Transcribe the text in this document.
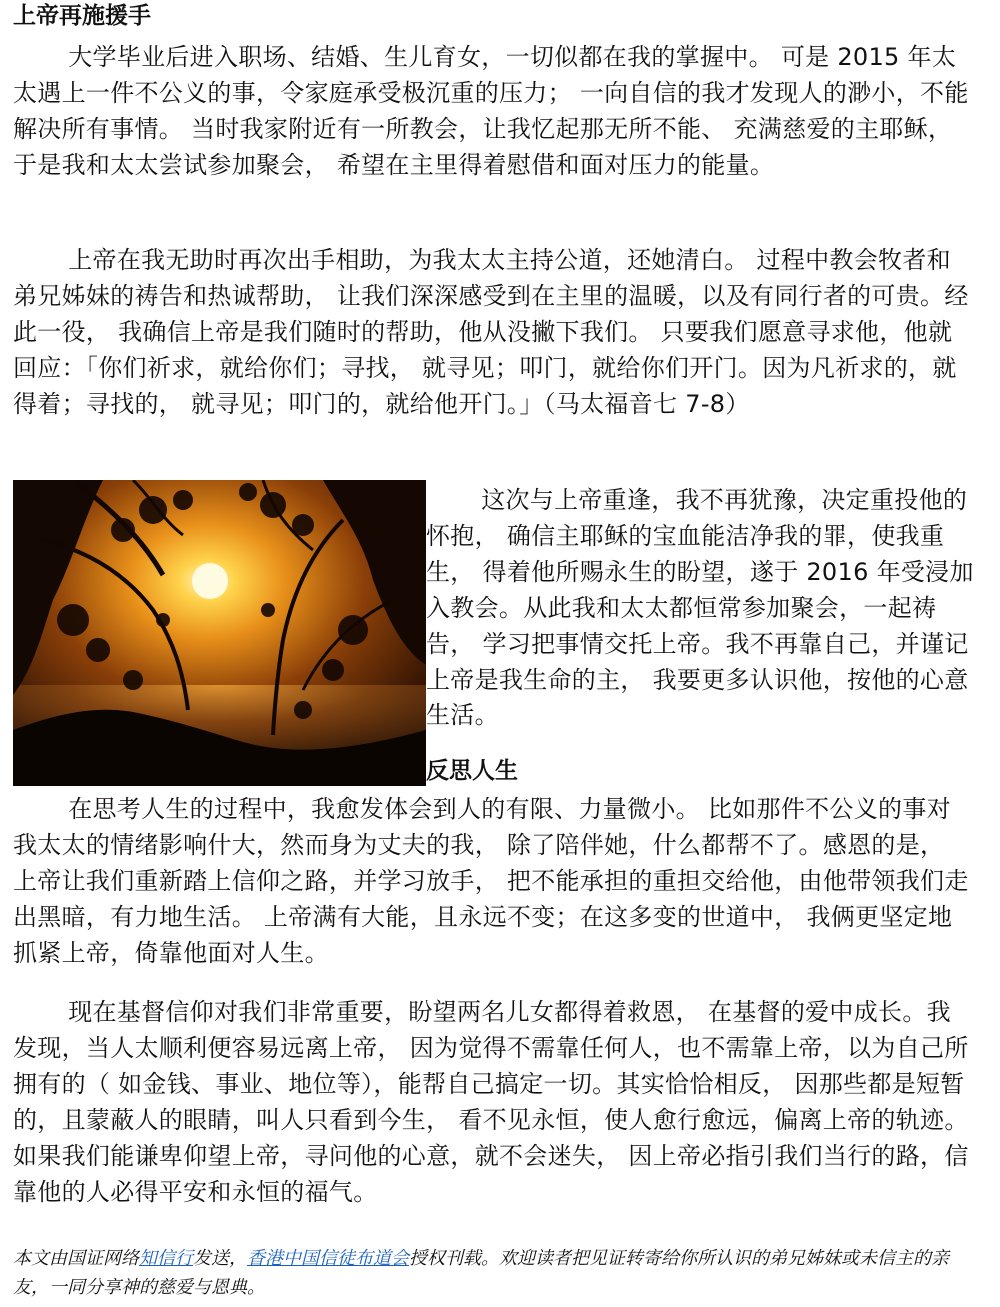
上帝再施援手

大学毕业后进入职场、结婚、生儿育女，一切似都在我的掌握中。 可是 2015 年太太遇上一件不公义的事，令家庭承受极沉重的压力； 一向自信的我才发现人的渺小，不能解决所有事情。 当时我家附近有一所教会，让我忆起那无所不能、 充满慈爱的主耶稣，于是我和太太尝试参加聚会， 希望在主里得着慰借和面对压力的能量。

上帝在我无助时再次出手相助，为我太太主持公道，还她清白。 过程中教会牧者和弟兄姊妹的祷告和热诚帮助， 让我们深深感受到在主里的温暖，以及有同行者的可贵。经此一役， 我确信上帝是我们随时的帮助，他从没撇下我们。 只要我们愿意寻求他，他就回应：「你们祈求，就给你们；寻找， 就寻见；叩门，就给你们开门。因为凡祈求的，就得着；寻找的， 就寻见；叩门的，就给他开门。」（马太福音七 7-8）

这次与上帝重逢，我不再犹豫，决定重投他的怀抱， 确信主耶稣的宝血能洁净我的罪，使我重生， 得着他所赐永生的盼望，遂于 2016 年受浸加入教会。从此我和太太都恒常参加聚会，一起祷告， 学习把事情交托上帝。我不再靠自己，并谨记上帝是我生命的主， 我要更多认识他，按他的心意生活。

反思人生

在思考人生的过程中，我愈发体会到人的有限、力量微小。 比如那件不公义的事对我太太的情绪影响什大，然而身为丈夫的我， 除了陪伴她，什么都帮不了。感恩的是， 上帝让我们重新踏上信仰之路，并学习放手， 把不能承担的重担交给他，由他带领我们走出黑暗，有力地生活。 上帝满有大能，且永远不变；在这多变的世道中， 我俩更坚定地抓紧上帝，倚靠他面对人生。

现在基督信仰对我们非常重要，盼望两名儿女都得着救恩， 在基督的爱中成长。我发现，当人太顺利便容易远离上帝， 因为觉得不需靠任何人，也不需靠上帝，以为自己所拥有的（ 如金钱、事业、地位等），能帮自己搞定一切。其实恰恰相反， 因那些都是短暂的，且蒙蔽人的眼睛，叫人只看到今生， 看不见永恒，使人愈行愈远，偏离上帝的轨迹。 如果我们能谦卑仰望上帝，寻问他的心意，就不会迷失， 因上帝必指引我们当行的路，信靠他的人必得平安和永恒的福气。

本文由国证网络知信行发送，香港中国信徒布道会授权刊载。欢迎读者把见证转寄给你所认识的弟兄姊妹或未信主的亲友，一同分享神的慈爱与恩典。
